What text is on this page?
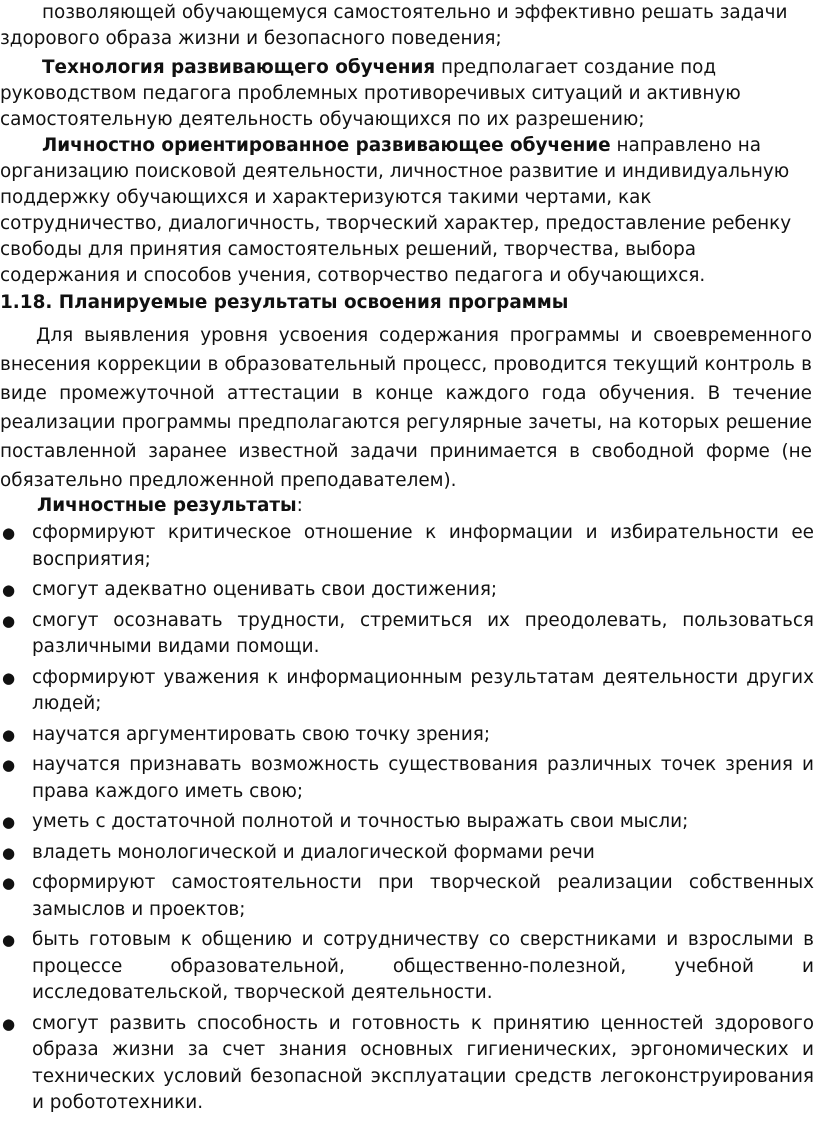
позволяющей обучающемуся самостоятельно и эффективно решать задачи здорового образа жизни и безопасного поведения;

Технология развивающего обучения предполагает создание под руководством педагога проблемных противоречивых ситуаций и активную самостоятельную деятельность обучающихся по их разрешению;

Личностно ориентированное развивающее обучение направлено на организацию поисковой деятельности, личностное развитие и индивидуальную поддержку обучающихся и характеризуются такими чертами, как сотрудничество, диалогичность, творческий характер, предоставление ребенку свободы для принятия самостоятельных решений, творчества, выбора содержания и способов учения, сотворчество педагога и обучающихся.

1.18. Планируемые результаты освоения программы

Для выявления уровня усвоения содержания программы и своевременного внесения коррекции в образовательный процесс, проводится текущий контроль в виде промежуточной аттестации в конце каждого года обучения. В течение реализации программы предполагаются регулярные зачеты, на которых решение поставленной заранее известной задачи принимается в свободной форме (не обязательно предложенной преподавателем).

Личностные результаты:
● сформируют критическое отношение к информации и избирательности ее восприятия;
● смогут адекватно оценивать свои достижения;
● смогут осознавать трудности, стремиться их преодолевать, пользоваться различными видами помощи.
● сформируют уважения к информационным результатам деятельности других людей;
● научатся аргументировать свою точку зрения;
● научатся признавать возможность существования различных точек зрения и права каждого иметь свою;
● уметь с достаточной полнотой и точностью выражать свои мысли;
● владеть монологической и диалогической формами речи
● сформируют самостоятельности при творческой реализации собственных замыслов и проектов;
● быть готовым к общению и сотрудничеству со сверстниками и взрослыми в процессе образовательной, общественно-полезной, учебной и исследовательской, творческой деятельности.
● смогут развить способность и готовность к принятию ценностей здорового образа жизни за счет знания основных гигиенических, эргономических и технических условий безопасной эксплуатации средств легоконструирования и робототехники.
